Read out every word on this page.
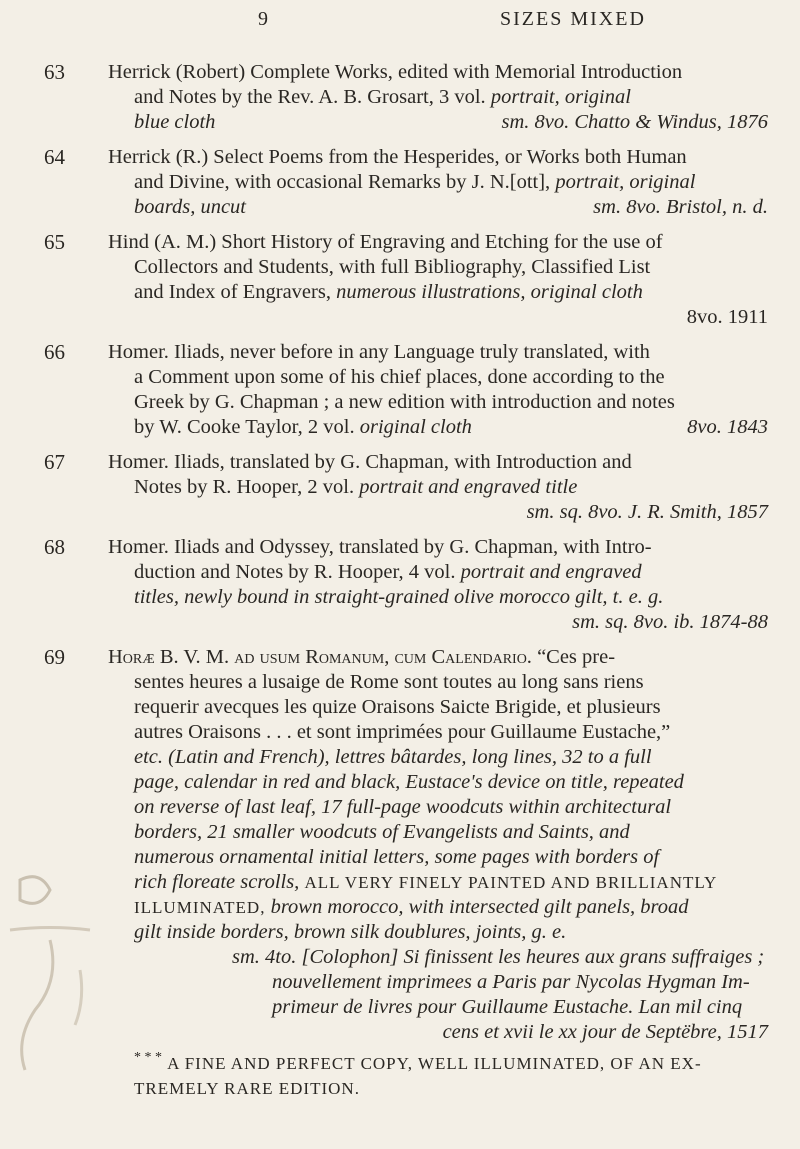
9	SIZES MIXED
63 Herrick (Robert) Complete Works, edited with Memorial Introduction
and Notes by the Rev. A. B. Grosart, 3 vol. portrait, original
blue cloth	sm. 8vo. Chatto & Windus, 1876
64 Herrick (R.) Select Poems from the Hesperides, or Works both Human
and Divine, with occasional Remarks by J. N.[ott], portrait, original
boards, uncut	sm. 8vo. Bristol, n. d.
65 Hind (A. M.) Short History of Engraving and Etching for the use of
Collectors and Students, with full Bibliography, Classified List
and Index of Engravers, numerous illustrations, original cloth
8vo. 1911
66 Homer. Iliads, never before in any Language truly translated, with
a Comment upon some of his chief places, done according to the
Greek by G. Chapman ; a new edition with introduction and notes
by W. Cooke Taylor, 2 vol. original cloth	8vo. 1843
67 Homer. Iliads, translated by G. Chapman, with Introduction and
Notes by R. Hooper, 2 vol. portrait and engraved title
sm. sq. 8vo. J. R. Smith, 1857
68 Homer. Iliads and Odyssey, translated by G. Chapman, with Intro-
duction and Notes by R. Hooper, 4 vol. portrait and engraved
titles, newly bound in straight-grained olive morocco gilt, t. e. g.
sm. sq. 8vo. ib. 1874-88
69 Horæ B. V. M. ad usum Romanum, cum Calendario. “Ces pre-
sentes heures a lusaige de Rome sont toutes au long sans riens
requerir avecques les quize Oraisons Saicte Brigide, et plusieurs
autres Oraisons . . . et sont imprimées pour Guillaume Eustache,”
etc. (Latin and French), lettres bâtardes, long lines, 32 to a full
page, calendar in red and black, Eustace's device on title, repeated
on reverse of last leaf, 17 full-page woodcuts within architectural
borders, 21 smaller woodcuts of Evangelists and Saints, and
numerous ornamental initial letters, some pages with borders of
rich floreate scrolls, ALL VERY FINELY PAINTED AND BRILLIANTLY
ILLUMINATED, brown morocco, with intersected gilt panels, broad
gilt inside borders, brown silk doublures, joints, g. e.
sm. 4to. [Colophon] Si finissent les heures aux grans suffraiges ;
nouvellement imprimees a Paris par Nycolas Hygman Im-
primeur de livres pour Guillaume Eustache. Lan mil cinq
cens et xvii le xx jour de Septëbre, 1517
* * * A FINE AND PERFECT COPY, WELL ILLUMINATED, OF AN EX-
TREMELY RARE EDITION.
